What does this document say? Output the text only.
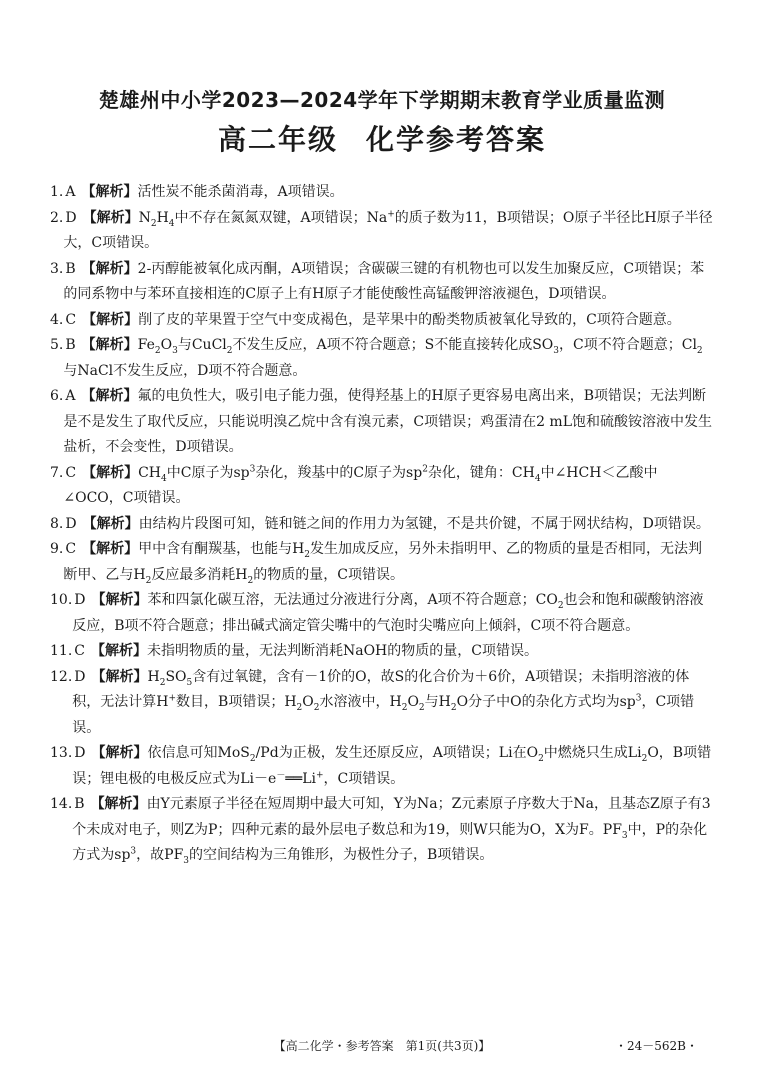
楚雄州中小学2023—2024学年下学期期末教育学业质量监测
高二年级 化学参考答案
1. A 【解析】活性炭不能杀菌消毒，A项错误。
2. D 【解析】$N_2H_4$中不存在氮氮双键，A项错误；Na+的质子数为11，B项错误；O原子半径比H原子半径大，C项错误。
3. B 【解析】2-丙醇能被氧化成丙酮，A项错误；含碳碳三键的有机物也可以发生加聚反应，C项错误；苯的同系物中与苯环直接相连的C原子上有H原子才能使酸性高锰酸钾溶液褪色，D项错误。
4. C 【解析】削了皮的苹果置于空气中变成褐色，是苹果中的酚类物质被氧化导致的，C项符合题意。
5. B 【解析】$Fe_2O_3$与CuCl$_2$不发生反应，A项不符合题意；S不能直接转化成$SO_3$，C项不符合题意；$Cl_2$与NaCl不发生反应，D项不符合题意。
6. A 【解析】氟的电负性大，吸引电子能力强，使得羟基上的H原子更容易电离出来，B项错误；无法判断是不是发生了取代反应，只能说明溴乙烷中含有溴元素，C项错误；鸡蛋清在2 mL饱和硫酸铵溶液中发生盐析，不会变性，D项错误。
7. C 【解析】$CH_4$中C原子为$sp^3$杂化，羧基中的C原子为$sp^2$杂化，键角：$CH_4$中∠HCH＜乙酸中∠OCO，C项错误。
8. D 【解析】由结构片段图可知，链和链之间的作用力为氢键，不是共价键，不属于网状结构，D项错误。
9. C 【解析】甲中含有酮羰基，也能与$H_2$发生加成反应，另外未指明甲、乙的物质的量是否相同，无法判断甲、乙与$H_2$反应最多消耗$H_2$的物质的量，C项错误。
10. D 【解析】苯和四氯化碳互溶，无法通过分液进行分离，A项不符合题意；$CO_2$也会和饱和碳酸钠溶液反应，B项不符合题意；排出碱式滴定管尖嘴中的气泡时尖嘴应向上倾斜，C项不符合题意。
11. C 【解析】未指明物质的量，无法判断消耗NaOH的物质的量，C项错误。
12. D 【解析】$H_2SO_5$含有过氧键，含有－1价的O，故S的化合价为＋6价，A项错误；未指明溶液的体积，无法计算H+数目，B项错误；$H_2O_2$水溶液中，$H_2O_2$与$H_2O$分子中O的杂化方式均为$sp^3$，C项错误。
13. D 【解析】依信息可知MoS$_2$/Pd为正极，发生还原反应，A项错误；Li在$O_2$中燃烧只生成$Li_2O$，B项错误；锂电极的电极反应式为Li－e－══Li+，C项错误。
14. B 【解析】由Y元素原子半径在短周期中最大可知，Y为Na；Z元素原子序数大于Na，且基态Z原子有3个未成对电子，则Z为P；四种元素的最外层电子数总和为19，则W只能为O，X为F。$PF_3$中，P的杂化方式为$sp^3$，故$PF_3$的空间结构为三角锥形，为极性分子，B项错误。
【高二化学・参考答案　第1页(共3页)】	・24－562B・
